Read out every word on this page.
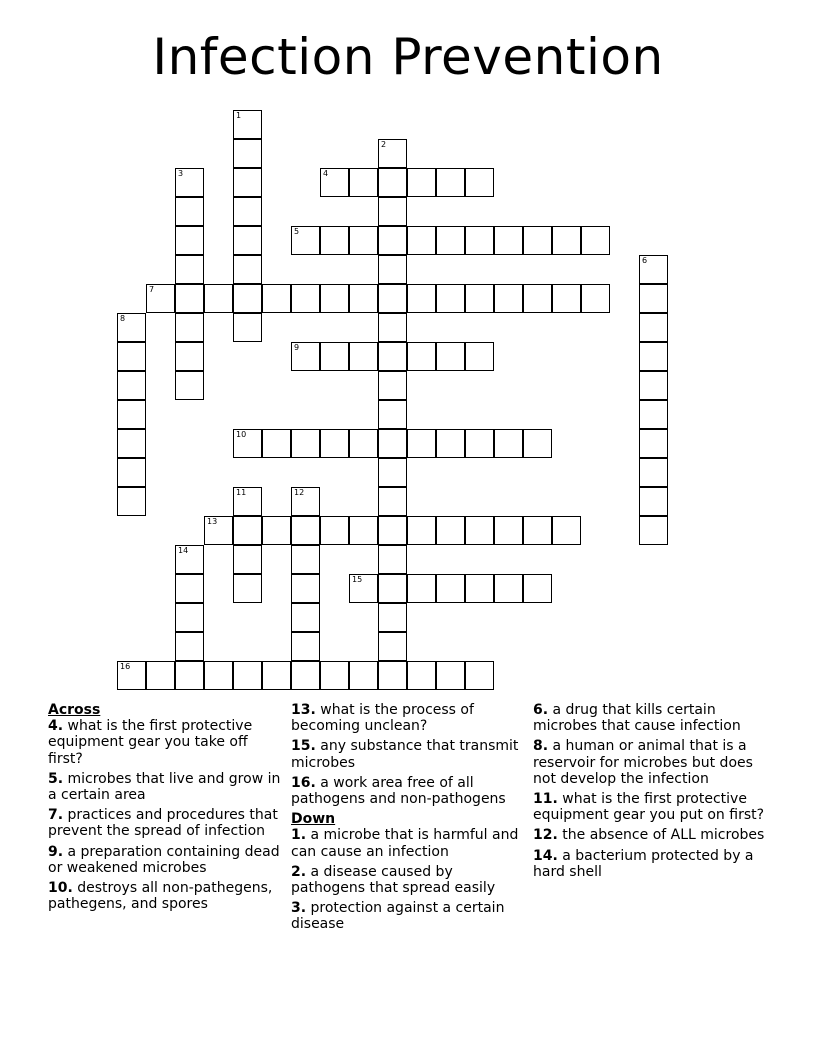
Infection Prevention
1
2
3	4
5
6
7
8
9
10
11	12
13
14
15
16

Across

4. what is the first protective equipment gear you take off first?

5. microbes that live and grow in a certain area

7. practices and procedures that prevent the spread of infection

9. a preparation containing dead or weakened microbes

10. destroys all non-pathegens, pathegens, and spores

13. what is the process of becoming unclean?

15. any substance that transmit microbes

16. a work area free of all pathogens and non-pathogens

Down

1. a microbe that is harmful and can cause an infection

2. a disease caused by pathogens that spread easily

3. protection against a certain disease

6. a drug that kills certain microbes that cause infection

8. a human or animal that is a reservoir for microbes but does not develop the infection

11. what is the first protective equipment gear you put on first?

12. the absence of ALL microbes

14. a bacterium protected by a hard shell
